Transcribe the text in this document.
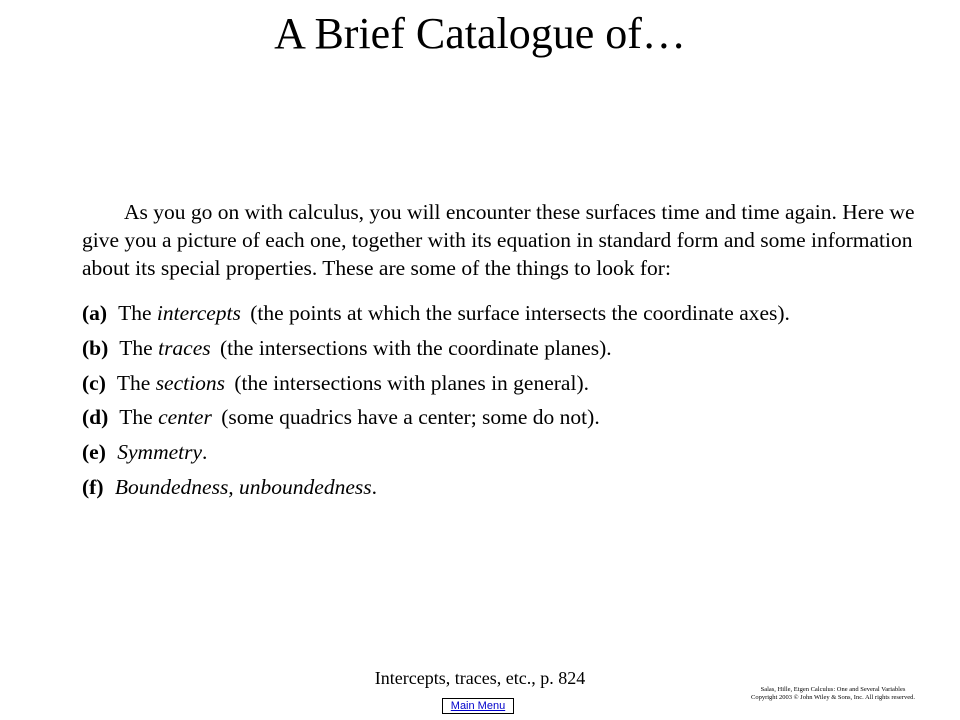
A Brief Catalogue of…
As you go on with calculus, you will encounter these surfaces time and time again. Here we give you a picture of each one, together with its equation in standard form and some information about its special properties. These are some of the things to look for:
(a) The intercepts (the points at which the surface intersects the coordinate axes).
(b) The traces (the intersections with the coordinate planes).
(c) The sections (the intersections with planes in general).
(d) The center (some quadrics have a center; some do not).
(e) Symmetry.
(f) Boundedness, unboundedness.
Intercepts, traces, etc., p. 824
Salas, Hille, Etgen Calculus: One and Several Variables
Copyright 2003 © John Wiley & Sons, Inc. All rights reserved.
Main Menu
